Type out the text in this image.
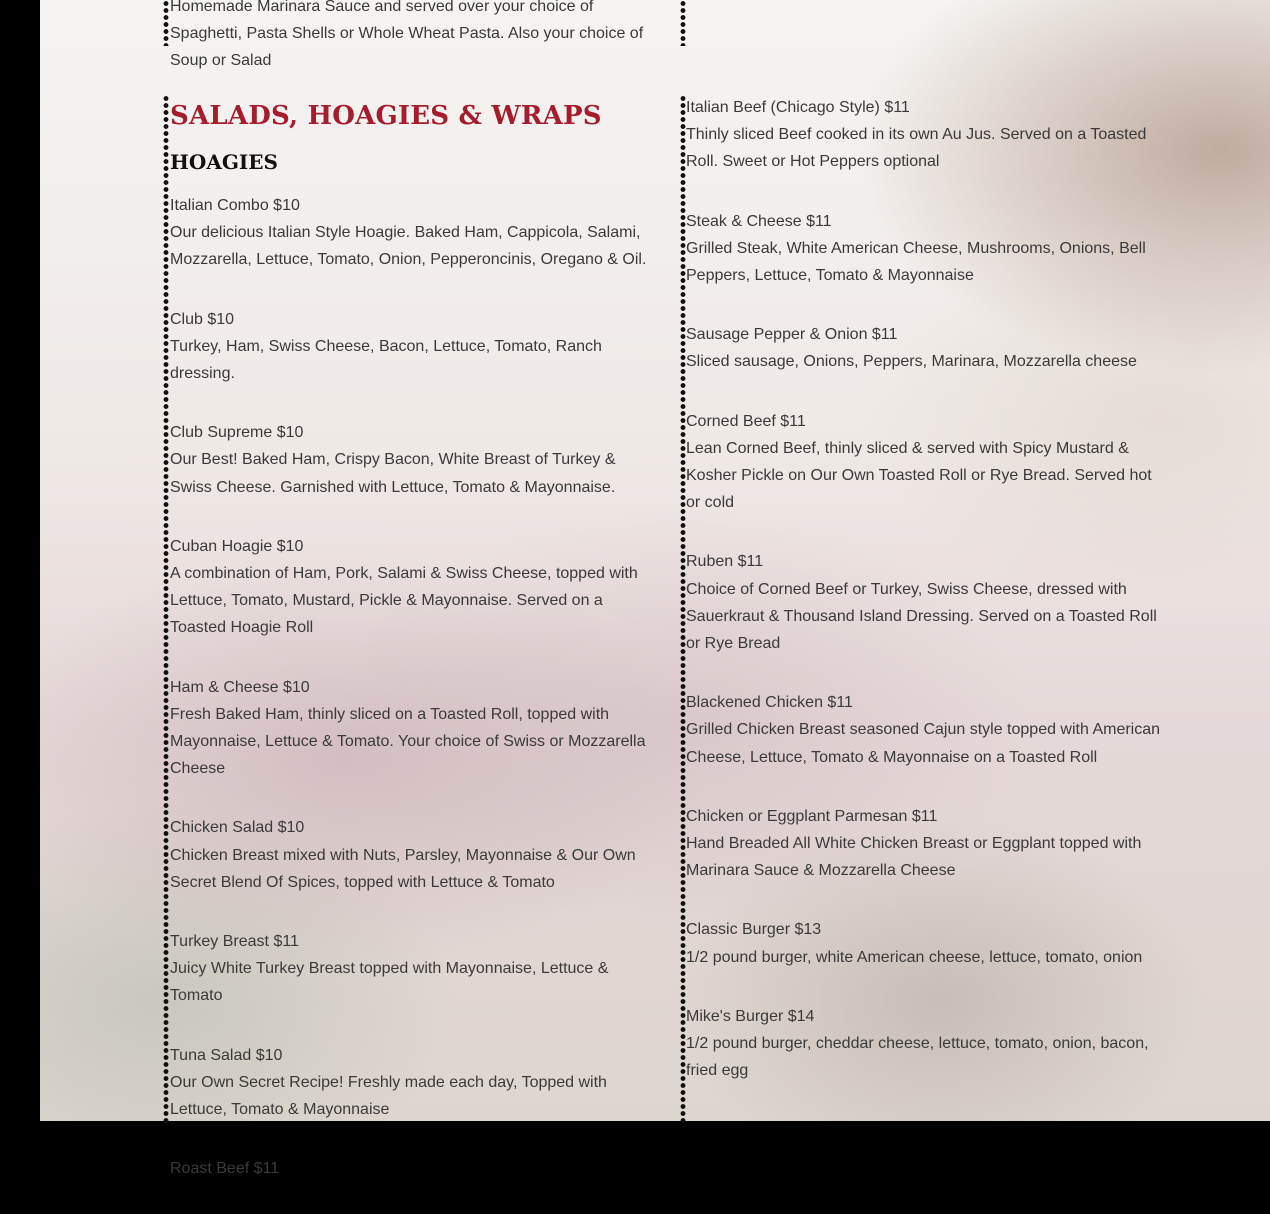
Homemade Marinara Sauce and served over your choice of Spaghetti, Pasta Shells or Whole Wheat Pasta. Also your choice of Soup or Salad

SALADS, HOAGIES & WRAPS
HOAGIES

Italian Combo $10

Our delicious Italian Style Hoagie. Baked Ham, Cappicola, Salami, Mozzarella, Lettuce, Tomato, Onion, Pepperoncinis, Oregano & Oil.

Club $10

Turkey, Ham, Swiss Cheese, Bacon, Lettuce, Tomato, Ranch dressing.

Club Supreme $10

Our Best! Baked Ham, Crispy Bacon, White Breast of Turkey & Swiss Cheese. Garnished with Lettuce, Tomato & Mayonnaise.

Cuban Hoagie $10

A combination of Ham, Pork, Salami & Swiss Cheese, topped with Lettuce, Tomato, Mustard, Pickle & Mayonnaise. Served on a Toasted Hoagie Roll

Ham & Cheese $10

Fresh Baked Ham, thinly sliced on a Toasted Roll, topped with Mayonnaise, Lettuce & Tomato. Your choice of Swiss or Mozzarella Cheese

Chicken Salad $10

Chicken Breast mixed with Nuts, Parsley, Mayonnaise & Our Own Secret Blend Of Spices, topped with Lettuce & Tomato

Turkey Breast $11

Juicy White Turkey Breast topped with Mayonnaise, Lettuce & Tomato

Tuna Salad $10

Our Own Secret Recipe! Freshly made each day, Topped with Lettuce, Tomato & Mayonnaise

Roast Beef $11

Italian Beef (Chicago Style) $11

Thinly sliced Beef cooked in its own Au Jus. Served on a Toasted Roll. Sweet or Hot Peppers optional

Steak & Cheese $11

Grilled Steak, White American Cheese, Mushrooms, Onions, Bell Peppers, Lettuce, Tomato & Mayonnaise

Sausage Pepper & Onion $11

Sliced sausage, Onions, Peppers, Marinara, Mozzarella cheese

Corned Beef $11

Lean Corned Beef, thinly sliced & served with Spicy Mustard & Kosher Pickle on Our Own Toasted Roll or Rye Bread. Served hot or cold

Ruben $11

Choice of Corned Beef or Turkey, Swiss Cheese, dressed with Sauerkraut & Thousand Island Dressing. Served on a Toasted Roll or Rye Bread

Blackened Chicken $11

Grilled Chicken Breast seasoned Cajun style topped with American Cheese, Lettuce, Tomato & Mayonnaise on a Toasted Roll

Chicken or Eggplant Parmesan $11

Hand Breaded All White Chicken Breast or Eggplant topped with Marinara Sauce & Mozzarella Cheese

Classic Burger $13

1/2 pound burger, white American cheese, lettuce, tomato, onion

Mike's Burger $14

1/2 pound burger, cheddar cheese, lettuce, tomato, onion, bacon, fried egg
